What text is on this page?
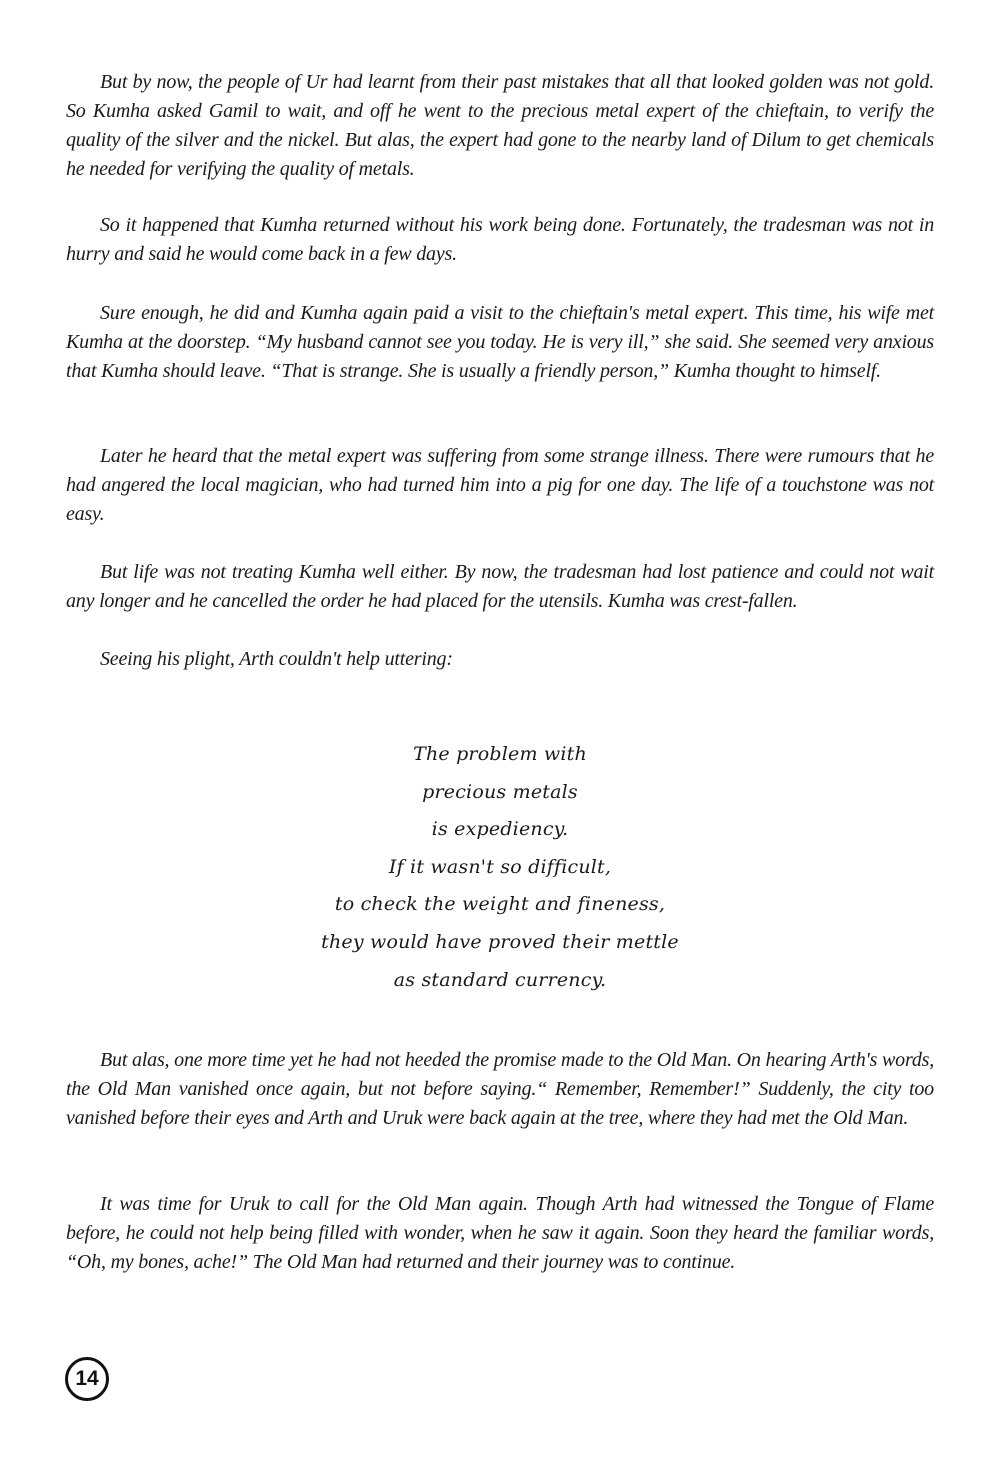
But by now, the people of Ur had learnt from their past mistakes that all that looked golden was not gold. So Kumha asked Gamil to wait, and off he went to the precious metal expert of the chieftain, to verify the quality of the silver and the nickel. But alas, the expert had gone to the nearby land of Dilum to get chemicals he needed for verifying the quality of metals.

So it happened that Kumha returned without his work being done. Fortunately, the tradesman was not in hurry and said he would come back in a few days.

Sure enough, he did and Kumha again paid a visit to the chieftain's metal expert. This time, his wife met Kumha at the doorstep. “My husband cannot see you today. He is very ill,” she said. She seemed very anxious that Kumha should leave. “That is strange. She is usually a friendly person,” Kumha thought to himself.

Later he heard that the metal expert was suffering from some strange illness. There were rumours that he had angered the local magician, who had turned him into a pig for one day. The life of a touchstone was not easy.

But life was not treating Kumha well either. By now, the tradesman had lost patience and could not wait any longer and he cancelled the order he had placed for the utensils. Kumha was crest-fallen.

Seeing his plight, Arth couldn't help uttering:

The problem with
precious metals
is expediency.
If it wasn't so difficult,
to check the weight and fineness,
they would have proved their mettle
as standard currency.

But alas, one more time yet he had not heeded the promise made to the Old Man. On hearing Arth's words, the Old Man vanished once again, but not before saying.“ Remember, Remember!” Suddenly, the city too vanished before their eyes and Arth and Uruk were back again at the tree, where they had met the Old Man.

It was time for Uruk to call for the Old Man again. Though Arth had witnessed the Tongue of Flame before, he could not help being filled with wonder, when he saw it again. Soon they heard the familiar words, “Oh, my bones, ache!” The Old Man had returned and their journey was to continue.

14
